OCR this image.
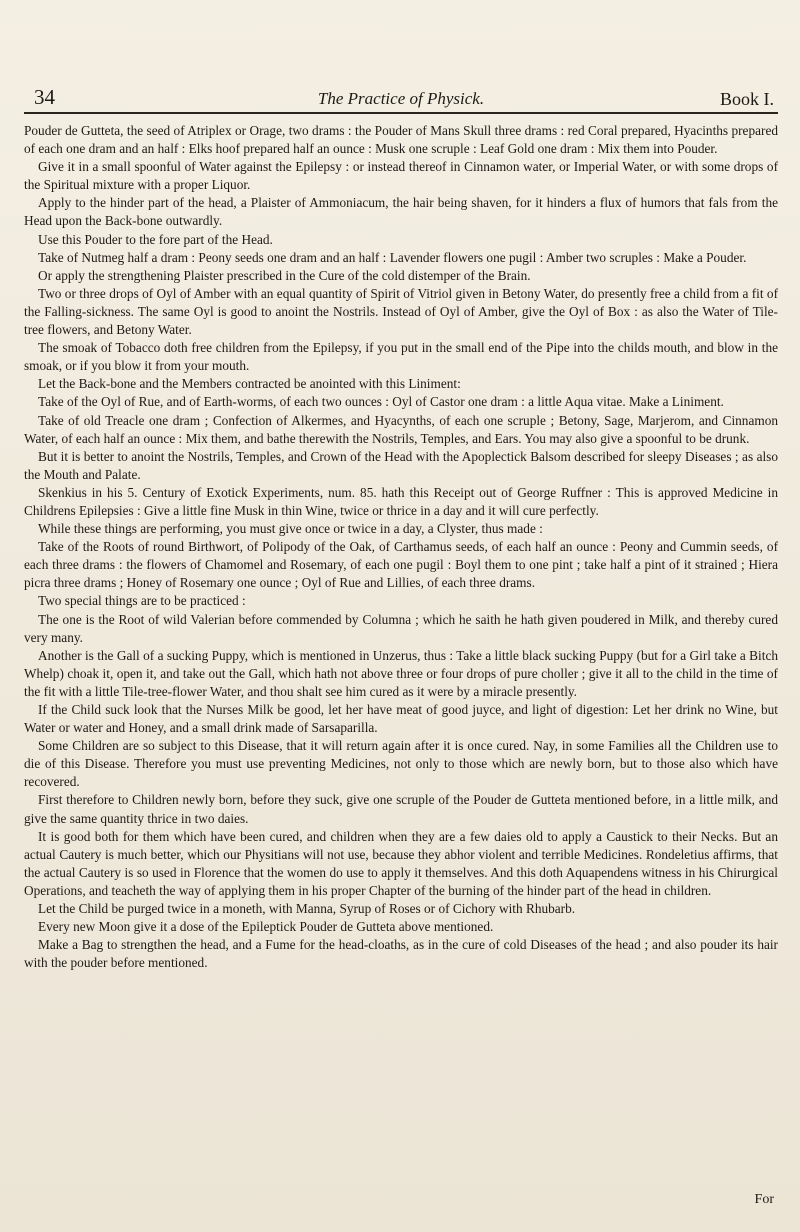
34	The Practice of Physick.	Book I.

Pouder de Gutteta, the seed of Atriplex or Orage, two drams : the Pouder of Mans Skull three drams : red Coral prepared, Hyacinths prepared of each one dram and an half : Elks hoof prepared half an ounce : Musk one scruple : Leaf Gold one dram : Mix them into Pouder.

Give it in a small spoonful of Water against the Epilepsy : or instead thereof in Cinnamon water, or Imperial Water, or with some drops of the Spiritual mixture with a proper Liquor.

Apply to the hinder part of the head, a Plaister of Ammoniacum, the hair being shaven, for it hinders a flux of humors that fals from the Head upon the Back-bone outwardly.

Use this Pouder to the fore part of the Head.

Take of Nutmeg half a dram : Peony seeds one dram and an half : Lavender flowers one pugil : Amber two scruples : Make a Pouder.

Or apply the strengthening Plaister prescribed in the Cure of the cold distemper of the Brain.

Two or three drops of Oyl of Amber with an equal quantity of Spirit of Vitriol given in Betony Water, do presently free a child from a fit of the Falling-sickness. The same Oyl is good to anoint the Nostrils. Instead of Oyl of Amber, give the Oyl of Box : as also the Water of Tile-tree flowers, and Betony Water.

The smoak of Tobacco doth free children from the Epilepsy, if you put in the small end of the Pipe into the childs mouth, and blow in the smoak, or if you blow it from your mouth.

Let the Back-bone and the Members contracted be anointed with this Liniment:

Take of the Oyl of Rue, and of Earth-worms, of each two ounces : Oyl of Castor one dram : a little Aqua vitae. Make a Liniment.

Take of old Treacle one dram ; Confection of Alkermes, and Hyacynths, of each one scruple ; Betony, Sage, Marjerom, and Cinnamon Water, of each half an ounce : Mix them, and bathe therewith the Nostrils, Temples, and Ears. You may also give a spoonful to be drunk.

But it is better to anoint the Nostrils, Temples, and Crown of the Head with the Apoplectick Balsom described for sleepy Diseases ; as also the Mouth and Palate.

Skenkius in his 5. Century of Exotick Experiments, num. 85. hath this Receipt out of George Ruffner : This is approved Medicine in Childrens Epilepsies : Give a little fine Musk in thin Wine, twice or thrice in a day and it will cure perfectly.

While these things are performing, you must give once or twice in a day, a Clyster, thus made :

Take of the Roots of round Birthwort, of Polipody of the Oak, of Carthamus seeds, of each half an ounce : Peony and Cummin seeds, of each three drams : the flowers of Chamomel and Rosemary, of each one pugil : Boyl them to one pint ; take half a pint of it strained ; Hiera picra three drams ; Honey of Rosemary one ounce ; Oyl of Rue and Lillies, of each three drams.

Two special things are to be practiced :

The one is the Root of wild Valerian before commended by Columna ; which he saith he hath given poudered in Milk, and thereby cured very many.

Another is the Gall of a sucking Puppy, which is mentioned in Unzerus, thus : Take a little black sucking Puppy (but for a Girl take a Bitch Whelp) choak it, open it, and take out the Gall, which hath not above three or four drops of pure choller ; give it all to the child in the time of the fit with a little Tile-tree-flower Water, and thou shalt see him cured as it were by a miracle presently.

If the Child suck look that the Nurses Milk be good, let her have meat of good juyce, and light of digestion: Let her drink no Wine, but Water or water and Honey, and a small drink made of Sarsaparilla.

Some Children are so subject to this Disease, that it will return again after it is once cured. Nay, in some Families all the Children use to die of this Disease. Therefore you must use preventing Medicines, not only to those which are newly born, but to those also which have recovered.

First therefore to Children newly born, before they suck, give one scruple of the Pouder de Gutteta mentioned before, in a little milk, and give the same quantity thrice in two daies.

It is good both for them which have been cured, and children when they are a few daies old to apply a Caustick to their Necks. But an actual Cautery is much better, which our Physitians will not use, because they abhor violent and terrible Medicines. Rondeletius affirms, that the actual Cautery is so used in Florence that the women do use to apply it themselves. And this doth Aquapendens witness in his Chirurgical Operations, and teacheth the way of applying them in his proper Chapter of the burning of the hinder part of the head in children.

Let the Child be purged twice in a moneth, with Manna, Syrup of Roses or of Cichory with Rhubarb.

Every new Moon give it a dose of the Epileptick Pouder de Gutteta above mentioned.

Make a Bag to strengthen the head, and a Fume for the head-cloaths, as in the cure of cold Diseases of the head ; and also pouder its hair with the pouder before mentioned.

For
